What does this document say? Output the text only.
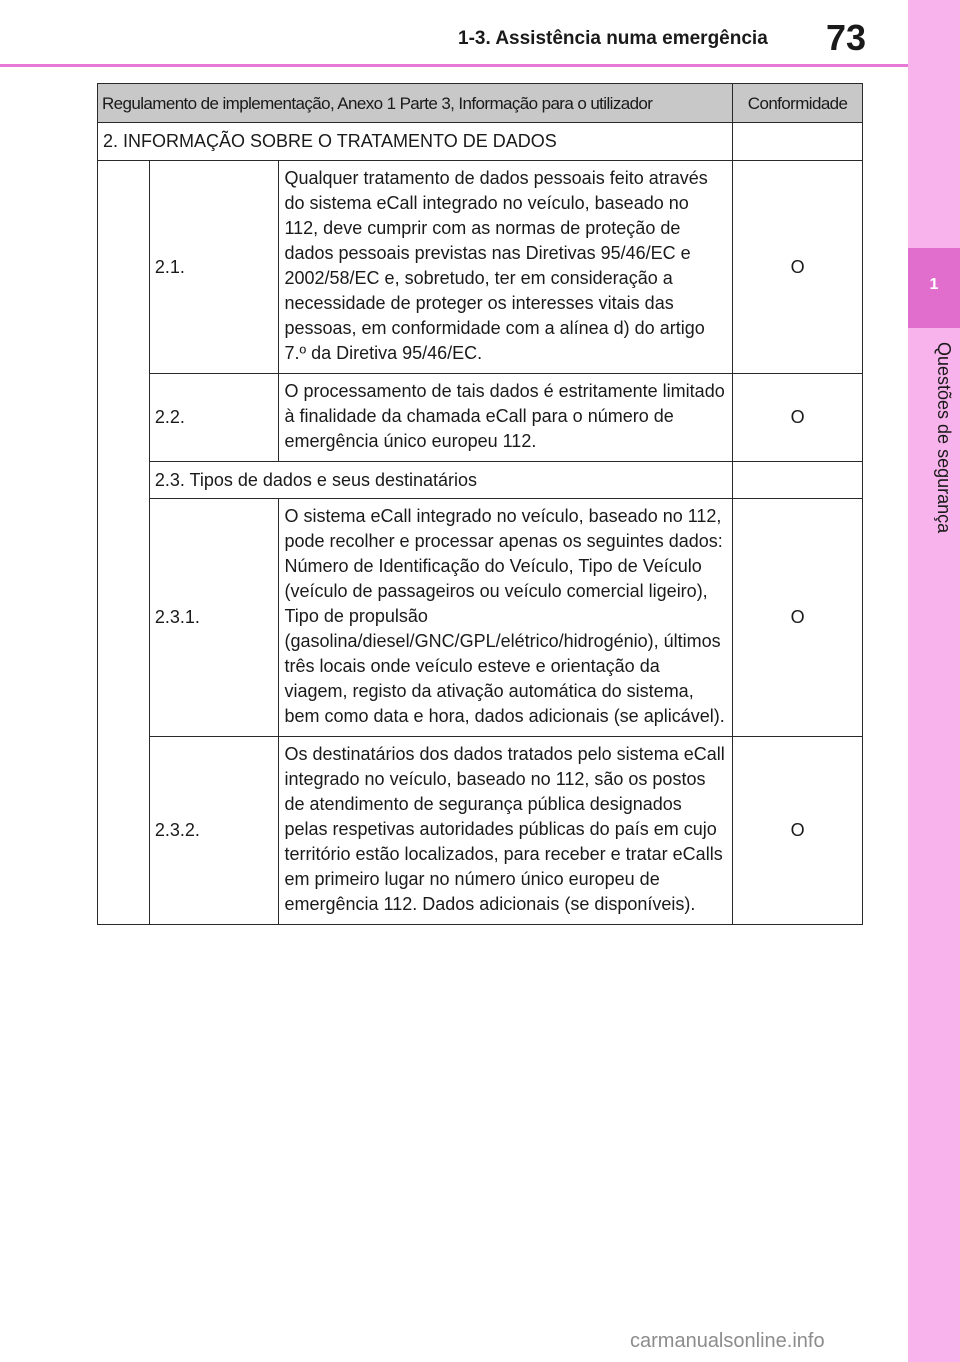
1-3. Assistência numa emergência 73
1
Questões de segurança
Regulamento de implementação, Anexo 1 Parte 3, Informação para o utilizador			Conformidade
2. INFORMAÇÃO SOBRE O TRATAMENTO DE DADOS			
	2.1.	Qualquer tratamento de dados pessoais feito através do sistema eCall integrado no veículo, baseado no 112, deve cumprir com as normas de proteção de dados pessoais previstas nas Diretivas 95/46/EC e 2002/58/EC e, sobretudo, ter em consideração a necessidade de proteger os interesses vitais das pessoas, em conformidade com a alínea d) do artigo 7.º da Diretiva 95/46/EC.	O
	2.2.	O processamento de tais dados é estritamente limitado à finalidade da chamada eCall para o número de emergência único europeu 112.	O
	2.3. Tipos de dados e seus destinatários		
	2.3.1.	O sistema eCall integrado no veículo, baseado no 112, pode recolher e processar apenas os seguintes dados: Número de Identificação do Veículo, Tipo de Veículo (veículo de passageiros ou veículo comercial ligeiro), Tipo de propulsão (gasolina/diesel/GNC/GPL/elétrico/hidrogénio), últimos três locais onde veículo esteve e orientação da viagem, registo da ativação automática do sistema, bem como data e hora, dados adicionais (se aplicável).	O
	2.3.2.	Os destinatários dos dados tratados pelo sistema eCall integrado no veículo, baseado no 112, são os postos de atendimento de segurança pública designados pelas respetivas autoridades públicas do país em cujo território estão localizados, para receber e tratar eCalls em primeiro lugar no número único europeu de emergência 112. Dados adicionais (se disponíveis).	O
carmanualsonline.info
